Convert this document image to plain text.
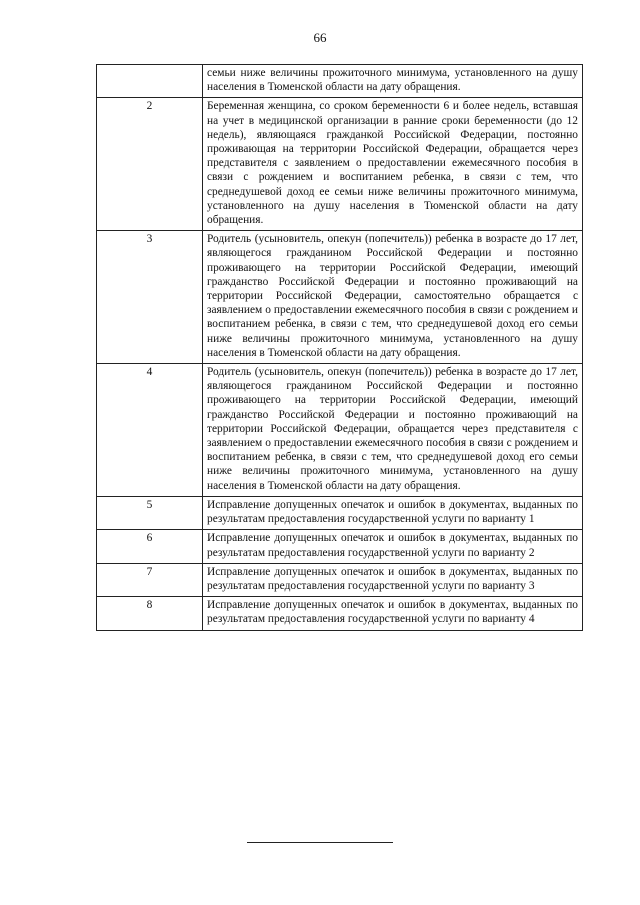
66
	семьи ниже величины прожиточного минимума, установленного на душу населения в Тюменской области на дату обращения.
2	Беременная женщина, со сроком беременности 6 и более недель, вставшая на учет в медицинской организации в ранние сроки беременности (до 12 недель), являющаяся гражданкой Российской Федерации, постоянно проживающая на территории Российской Федерации, обращается через представителя с заявлением о предоставлении ежемесячного пособия в связи с рождением и воспитанием ребенка, в связи с тем, что среднедушевой доход ее семьи ниже величины прожиточного минимума, установленного на душу населения в Тюменской области на дату обращения.
3	Родитель (усыновитель, опекун (попечитель)) ребенка в возрасте до 17 лет, являющегося гражданином Российской Федерации и постоянно проживающего на территории Российской Федерации, имеющий гражданство Российской Федерации и постоянно проживающий на территории Российской Федерации, самостоятельно обращается с заявлением о предоставлении ежемесячного пособия в связи с рождением и воспитанием ребенка, в связи с тем, что среднедушевой доход его семьи ниже величины прожиточного минимума, установленного на душу населения в Тюменской области на дату обращения.
4	Родитель (усыновитель, опекун (попечитель)) ребенка в возрасте до 17 лет, являющегося гражданином Российской Федерации и постоянно проживающего на территории Российской Федерации, имеющий гражданство Российской Федерации и постоянно проживающий на территории Российской Федерации, обращается через представителя с заявлением о предоставлении ежемесячного пособия в связи с рождением и воспитанием ребенка, в связи с тем, что среднедушевой доход его семьи ниже величины прожиточного минимума, установленного на душу населения в Тюменской области на дату обращения.
5	Исправление допущенных опечаток и ошибок в документах, выданных по результатам предоставления государственной услуги по варианту 1
6	Исправление допущенных опечаток и ошибок в документах, выданных по результатам предоставления государственной услуги по варианту 2
7	Исправление допущенных опечаток и ошибок в документах, выданных по результатам предоставления государственной услуги по варианту 3
8	Исправление допущенных опечаток и ошибок в документах, выданных по результатам предоставления государственной услуги по варианту 4
